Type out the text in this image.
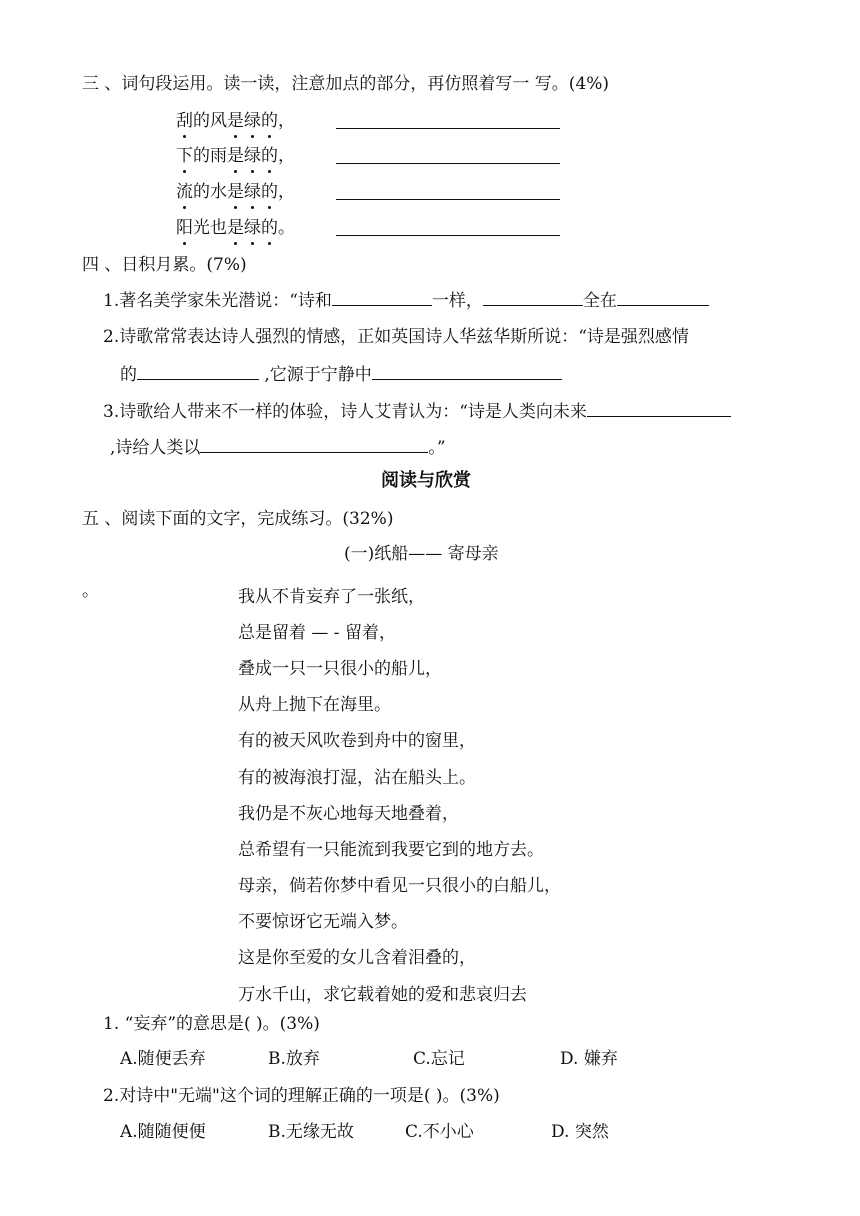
三 、词句段运用。读一读，注意加点的部分，再仿照着写一 写。(4%)
刮的风是绿的，
下的雨是绿的，
流的水是绿的，
阳光也是绿的。
四 、日积月累。(7%)
1.著名美学家朱光潜说：“诗和	一样，	全在
2.诗歌常常表达诗人强烈的情感，正如英国诗人华兹华斯所说：“诗是强烈感情
的	,它源于宁静中
3.诗歌给人带来不一样的体验，诗人艾青认为：“诗是人类向未来
,诗给人类以	。”
阅读与欣赏
五 、阅读下面的文字，完成练习。(32%)
(一)纸船—— 寄母亲
。	我从不肯妄弃了一张纸，
总是留着 — - 留着，
叠成一只一只很小的船儿，
从舟上抛下在海里。
有的被天风吹卷到舟中的窗里，
有的被海浪打湿，沾在船头上。
我仍是不灰心地每天地叠着，
总希望有一只能流到我要它到的地方去。
母亲，倘若你梦中看见一只很小的白船儿，
不要惊讶它无端入梦。
这是你至爱的女儿含着泪叠的，
万水千山，求它载着她的爱和悲哀归去
1. “妄弃”的意思是( )。(3%)
A.随便丢弃	B.放弃	C.忘记	D. 嫌弃
2.对诗中"无端"这个词的理解正确的一项是( )。(3%)
A.随随便便	B.无缘无故	C.不小心	D. 突然
